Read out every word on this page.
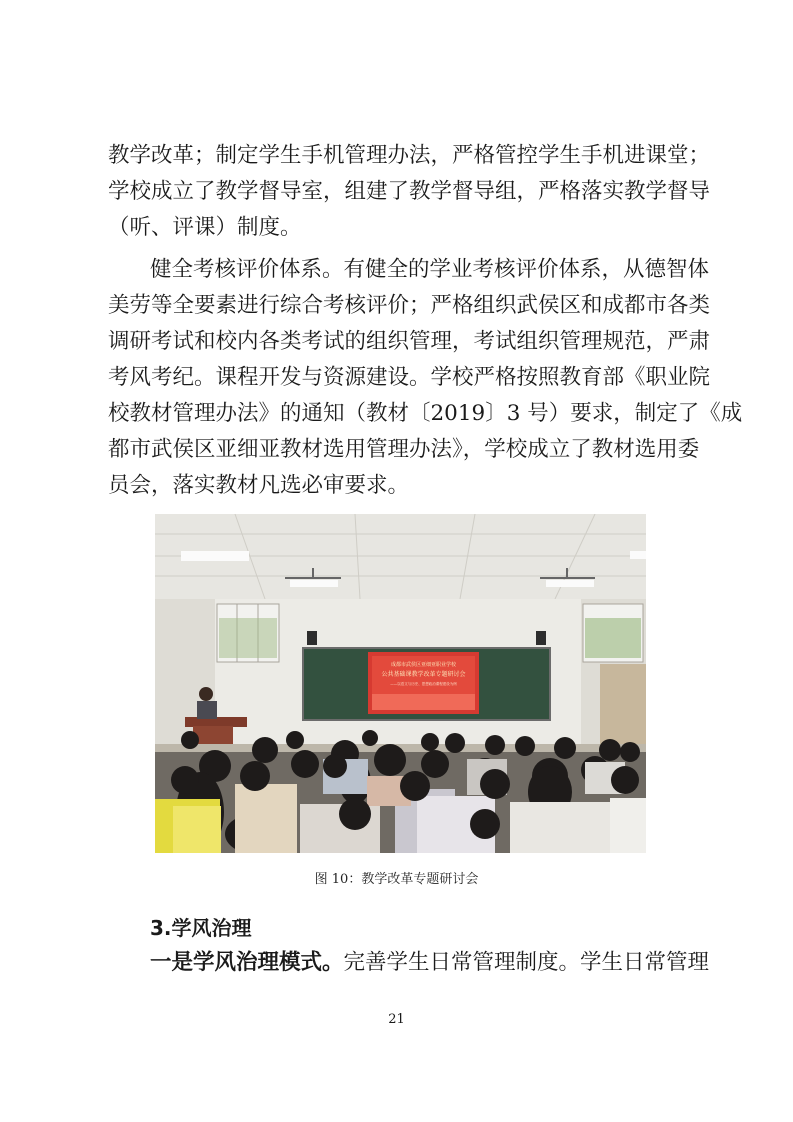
教学改革；制定学生手机管理办法，严格管控学生手机进课堂；
学校成立了教学督导室，组建了教学督导组，严格落实教学督导
（听、评课）制度。
健全考核评价体系。有健全的学业考核评价体系，从德智体
美劳等全要素进行综合考核评价；严格组织武侯区和成都市各类
调研考试和校内各类考试的组织管理，考试组织管理规范，严肃
考风考纪。课程开发与资源建设。学校严格按照教育部《职业院
校教材管理办法》的通知（教材〔2019〕3 号）要求，制定了《成
都市武侯区亚细亚教材选用管理办法》，学校成立了教材选用委
员会，落实教材凡选必审要求。
成都市武侯区亚细亚职业学校
公共基础课教学改革专题研讨会
——以语文与历史、思想政治课程建设为例
图 10：教学改革专题研讨会
3.学风治理
一是学风治理模式。完善学生日常管理制度。学生日常管理
21
